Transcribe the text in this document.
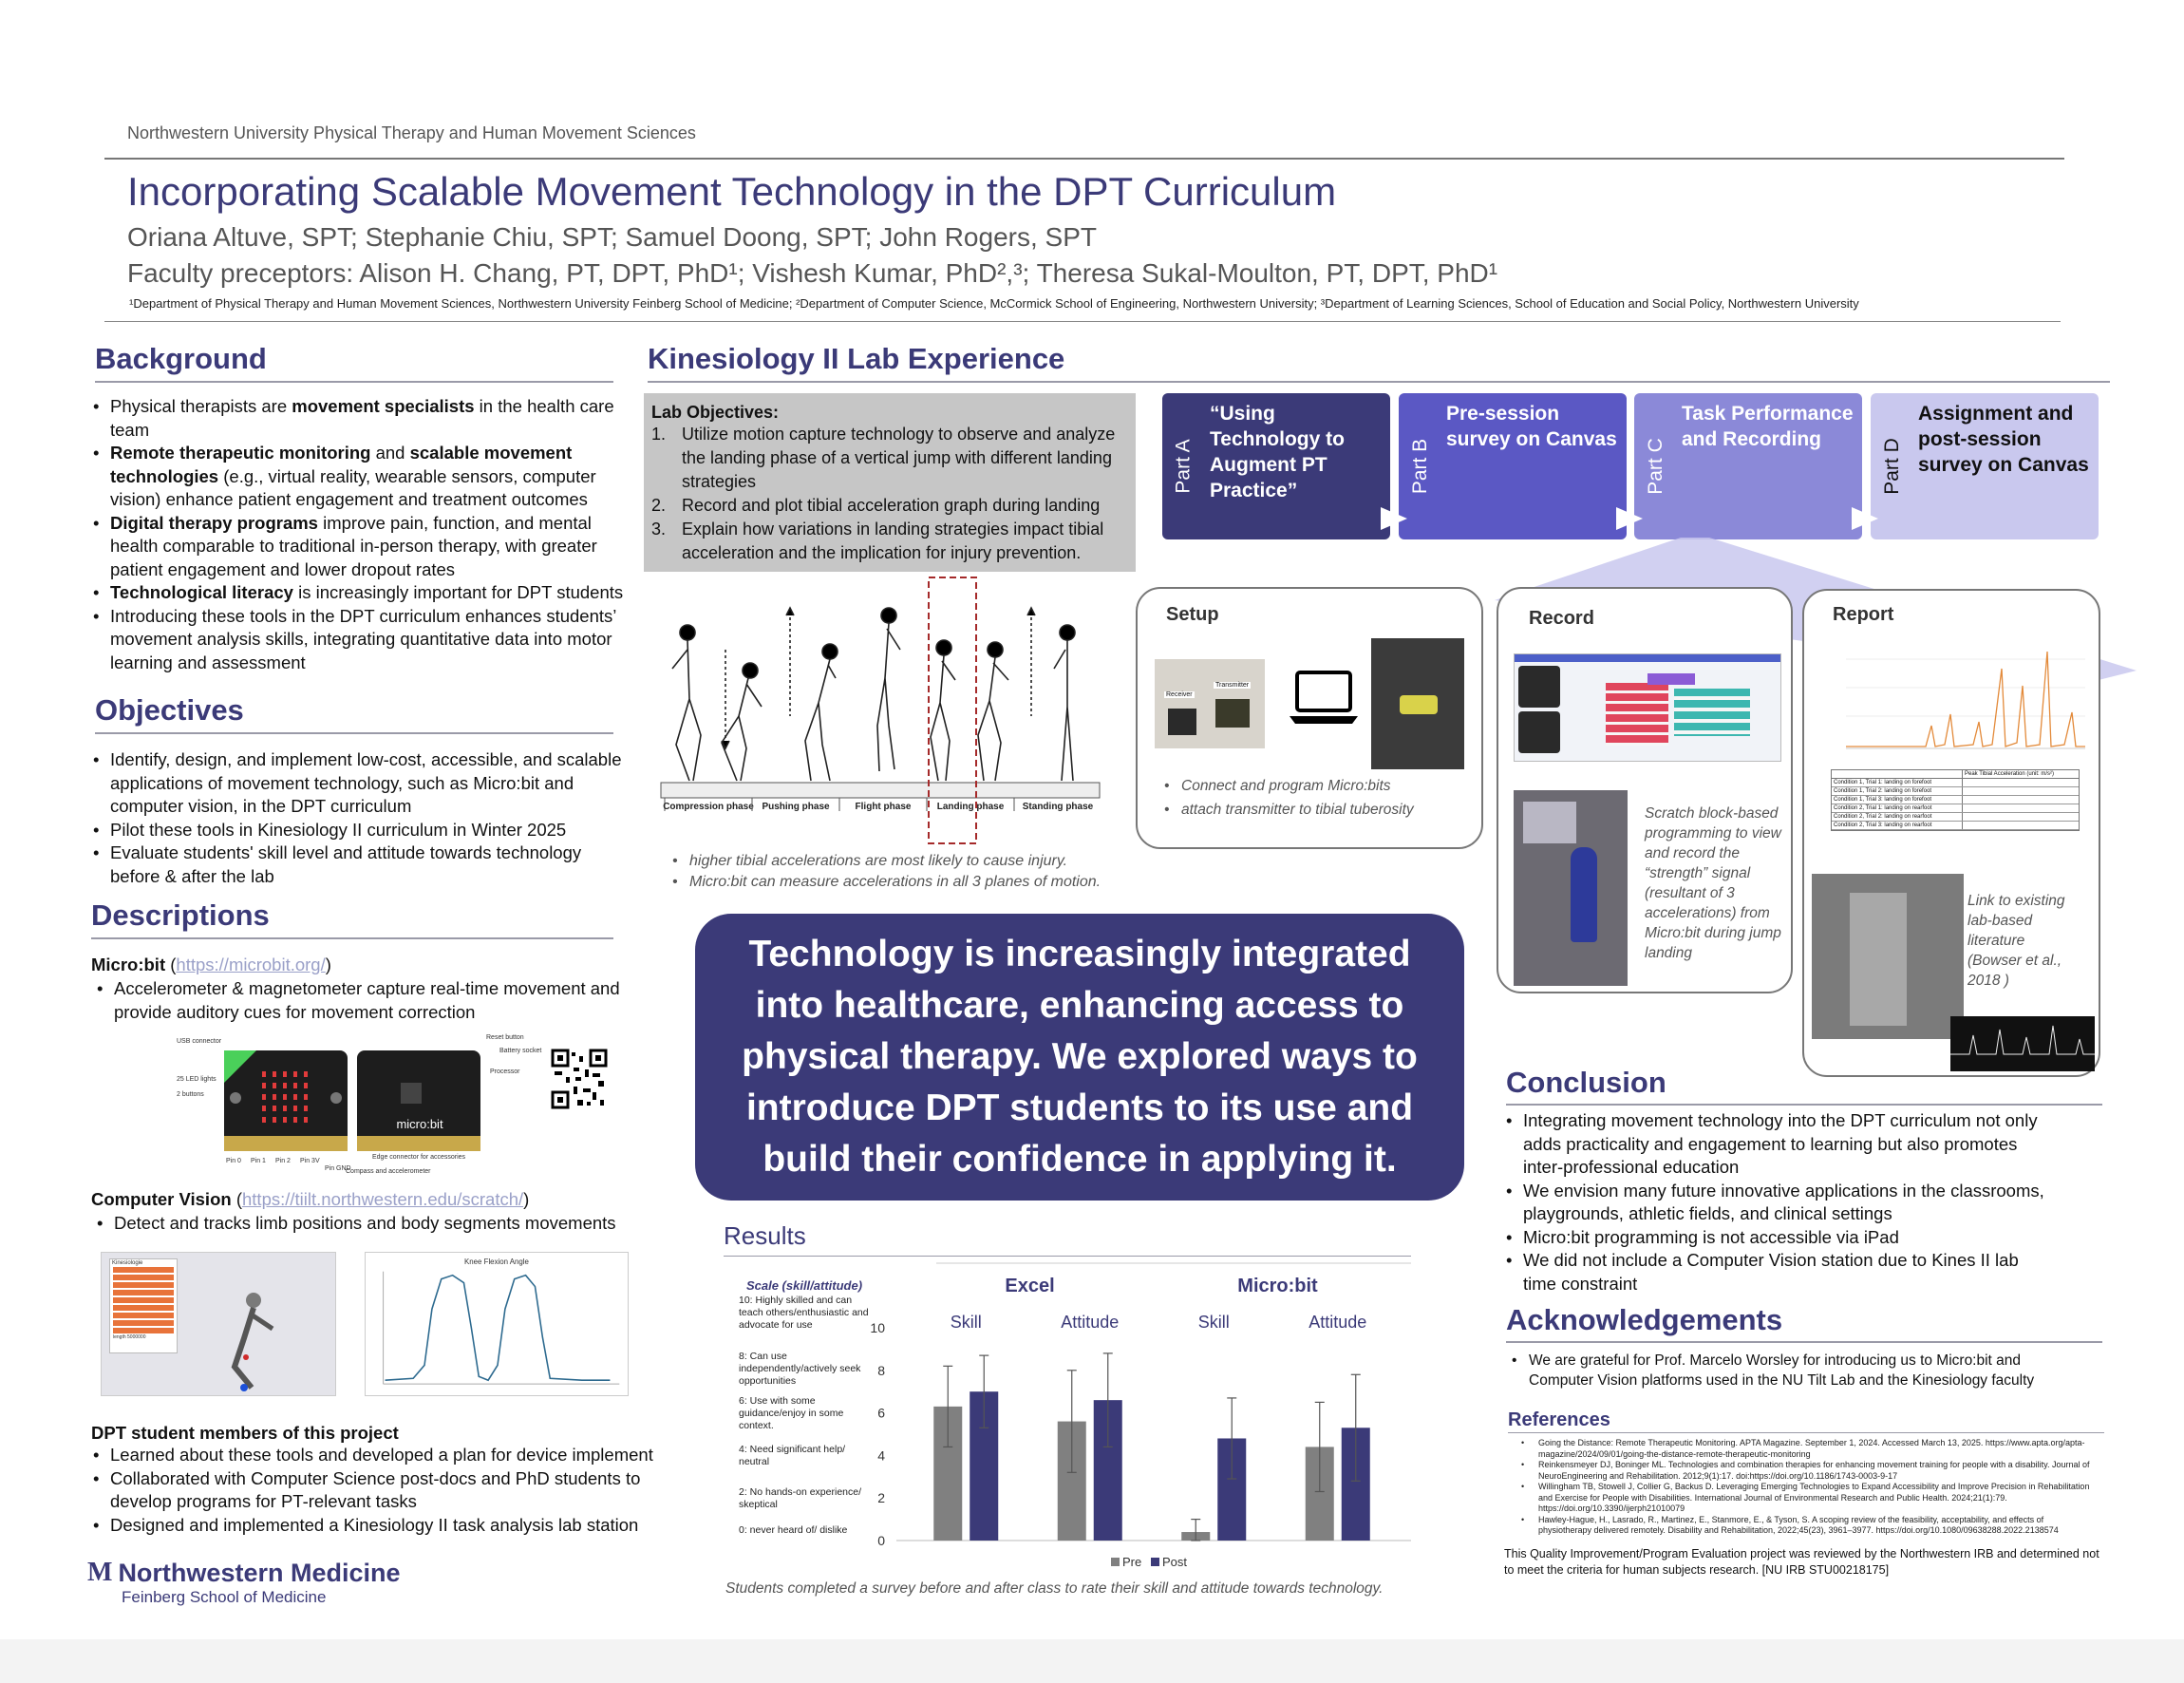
Northwestern University Physical Therapy and Human Movement Sciences
Incorporating Scalable Movement Technology in the DPT Curriculum
Oriana Altuve, SPT; Stephanie Chiu, SPT; Samuel Doong, SPT; John Rogers, SPT
Faculty preceptors: Alison H. Chang, PT, DPT, PhD¹; Vishesh Kumar, PhD²,³; Theresa Sukal-Moulton, PT, DPT, PhD¹
¹Department of Physical Therapy and Human Movement Sciences, Northwestern University Feinberg School of Medicine; ²Department of Computer Science, McCormick School of Engineering, Northwestern University; ³Department of Learning Sciences, School of Education and Social Policy, Northwestern University
Background
• Physical therapists are movement specialists in the health care team
• Remote therapeutic monitoring and scalable movement technologies (e.g., virtual reality, wearable sensors, computer vision) enhance patient engagement and treatment outcomes
• Digital therapy programs improve pain, function, and mental health comparable to traditional in-person therapy, with greater patient engagement and lower dropout rates
• Technological literacy is increasingly important for DPT students
• Introducing these tools in the DPT curriculum enhances students’ movement analysis skills, integrating quantitative data into motor learning and assessment
Objectives
• Identify, design, and implement low-cost, accessible, and scalable applications of movement technology, such as Micro:bit and computer vision, in the DPT curriculum
• Pilot these tools in Kinesiology II curriculum in Winter 2025
• Evaluate students' skill level and attitude towards technology before & after the lab
Descriptions
Micro:bit (https://microbit.org/)
• Accelerometer & magnetometer capture real-time movement and provide auditory cues for movement correction
micro:bit
USB connector
25 LED lights
2 buttons
Reset button
Battery socket
Processor
Edge connector for accessories
Compass and accelerometer
Pin 0 Pin 1 Pin 2 Pin 3V
Pin GND
Computer Vision (https://tiilt.northwestern.edu/scratch/)
• Detect and tracks limb positions and body segments movements
Kinesiologie
length 5000000
Knee Flexion Angle
DPT student members of this project
• Learned about these tools and developed a plan for device implement
• Collaborated with Computer Science post-docs and PhD students to develop programs for PT-relevant tasks
• Designed and implemented a Kinesiology II task analysis lab station
M Northwestern Medicine
Feinberg School of Medicine
Kinesiology II Lab Experience
Lab Objectives:
1. Utilize motion capture technology to observe and analyze the landing phase of a vertical jump with different landing strategies
2. Record and plot tibial acceleration graph during landing
3. Explain how variations in landing strategies impact tibial acceleration and the implication for injury prevention.
Compression phase Pushing phase	Flight phase	Landing phase Standing phase
• higher tibial accelerations are most likely to cause injury.
• Micro:bit can measure accelerations in all 3 planes of motion.
Part A
“Using Technology to Augment PT Practice”	Part B
Pre-session survey on Canvas	Part C
Task Performance and Recording	Part D
Assignment and post-session survey on Canvas
Setup
Receiver
Transmitter
• Connect and program Micro:bits
• attach transmitter to tibial tuberosity
Record
Scratch block-based programming to view and record the “strength” signal (resultant of 3 accelerations) from Micro:bit during jump landing
Report
Peak Tibial Acceleration (unit: m/s²)
Condition 1, Trial 1: landing on forefoot
Condition 1, Trial 2: landing on forefoot
Condition 1, Trial 3: landing on forefoot
Condition 2, Trial 1: landing on rearfoot
Condition 2, Trial 2: landing on rearfoot
Condition 2, Trial 3: landing on rearfoot
Link to existing lab-based literature (Bowser et al., 2018 )
Technology is increasingly integrated into healthcare, enhancing access to physical therapy. We explored ways to introduce DPT students to its use and build their confidence in applying it.
Results
Scale (skill/attitude)
10: Highly skilled and can teach others/enthusiastic and advocate for use
8: Can use independently/actively seek opportunities
6: Use with some guidance/enjoy in some context.
4: Need significant help/ neutral
2: No hands-on experience/ skeptical
0: never heard of/ dislike
0
2
4
6
8
10
Excel	Micro:bit
Skill	Attitude	Skill	Attitude
Pre Post
Students completed a survey before and after class to rate their skill and attitude towards technology.
Conclusion
• Integrating movement technology into the DPT curriculum not only adds practicality and engagement to learning but also promotes inter-professional education
• We envision many future innovative applications in the classrooms, playgrounds, athletic fields, and clinical settings
• Micro:bit programming is not accessible via iPad
• We did not include a Computer Vision station due to Kines II lab time constraint
Acknowledgements
• We are grateful for Prof. Marcelo Worsley for introducing us to Micro:bit and Computer Vision platforms used in the NU Tilt Lab and the Kinesiology faculty
References
• Going the Distance: Remote Therapeutic Monitoring. APTA Magazine. September 1, 2024. Accessed March 13, 2025. https://www.apta.org/apta-magazine/2024/09/01/going-the-distance-remote-therapeutic-monitoring
• Reinkensmeyer DJ, Boninger ML. Technologies and combination therapies for enhancing movement training for people with a disability. Journal of NeuroEngineering and Rehabilitation. 2012;9(1):17. doi:https://doi.org/10.1186/1743-0003-9-17
• Willingham TB, Stowell J, Collier G, Backus D. Leveraging Emerging Technologies to Expand Accessibility and Improve Precision in Rehabilitation and Exercise for People with Disabilities. International Journal of Environmental Research and Public Health. 2024;21(1):79. https://doi.org/10.3390/ijerph21010079
• Hawley-Hague, H., Lasrado, R., Martinez, E., Stanmore, E., & Tyson, S. A scoping review of the feasibility, acceptability, and effects of physiotherapy delivered remotely. Disability and Rehabilitation, 2022;45(23), 3961–3977. https://doi.org/10.1080/09638288.2022.2138574
This Quality Improvement/Program Evaluation project was reviewed by the Northwestern IRB and determined not to meet the criteria for human subjects research. [NU IRB STU00218175]
